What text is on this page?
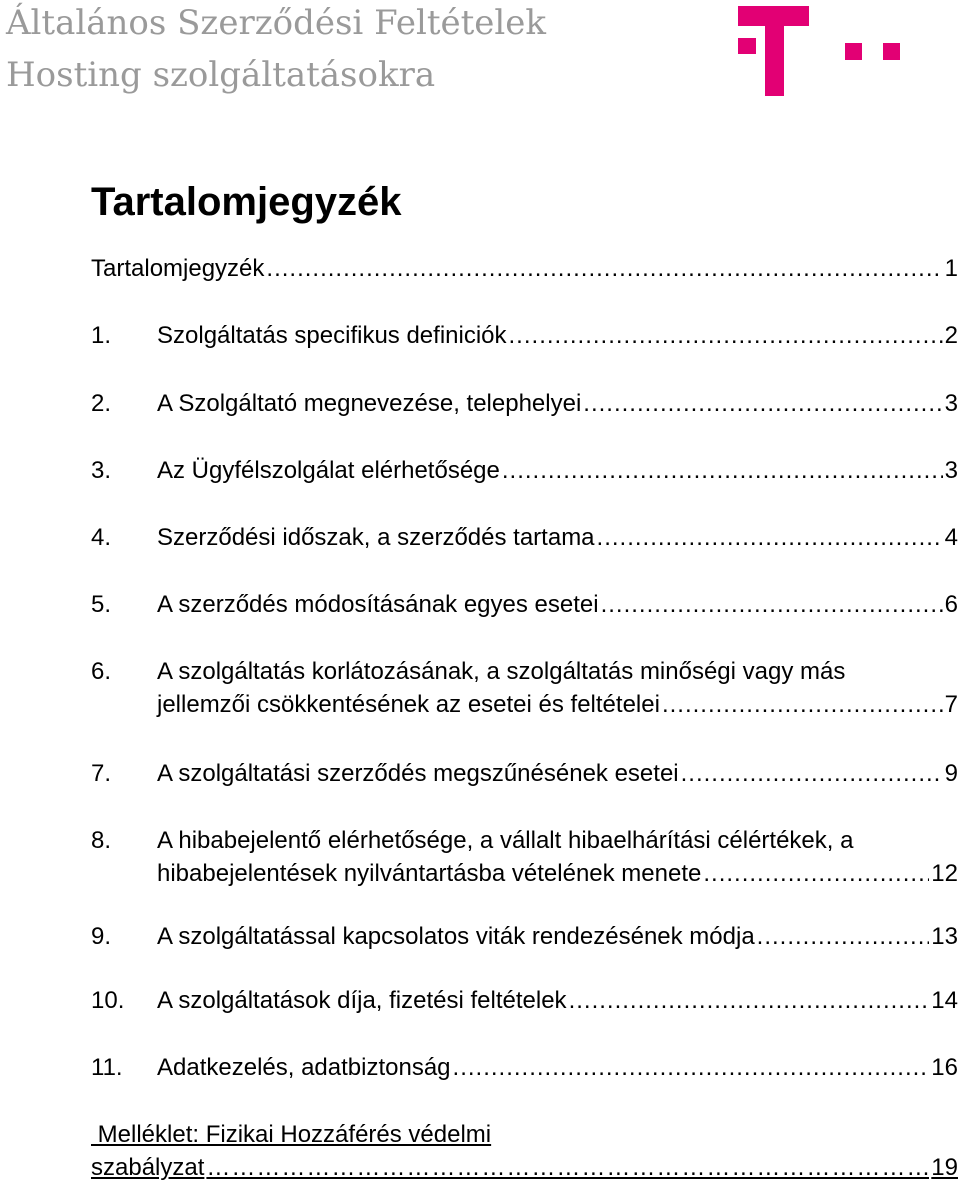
Általános Szerződési Feltételek
Hosting szolgáltatásokra
Tartalomjegyzék
Tartalomjegyzék .....	1
1. Szolgáltatás specifikus definiciók .....	2
2. A Szolgáltató megnevezése, telephelyei .....	3
3. Az Ügyfélszolgálat elérhetősége .....	3
4. Szerződési időszak, a szerződés tartama .....	4
5. A szerződés módosításának egyes esetei .....	6
6. A szolgáltatás korlátozásának, a szolgáltatás minőségi vagy más
jellemzői csökkentésének az esetei és feltételei .....	7
7. A szolgáltatási szerződés megszűnésének esetei .....	9
8. A hibabejelentő elérhetősége, a vállalt hibaelhárítási célértékek, a
hibabejelentések nyilvántartásba vételének menete .....	12
9. A szolgáltatással kapcsolatos viták rendezésének módja .....	13
10. A szolgáltatások díja, fizetési feltételek .....	14
11. Adatkezelés, adatbiztonság .....	16
Melléklet: Fizikai Hozzáférés védelmi
szabályzat ………………………………………………………………………………………………	19
